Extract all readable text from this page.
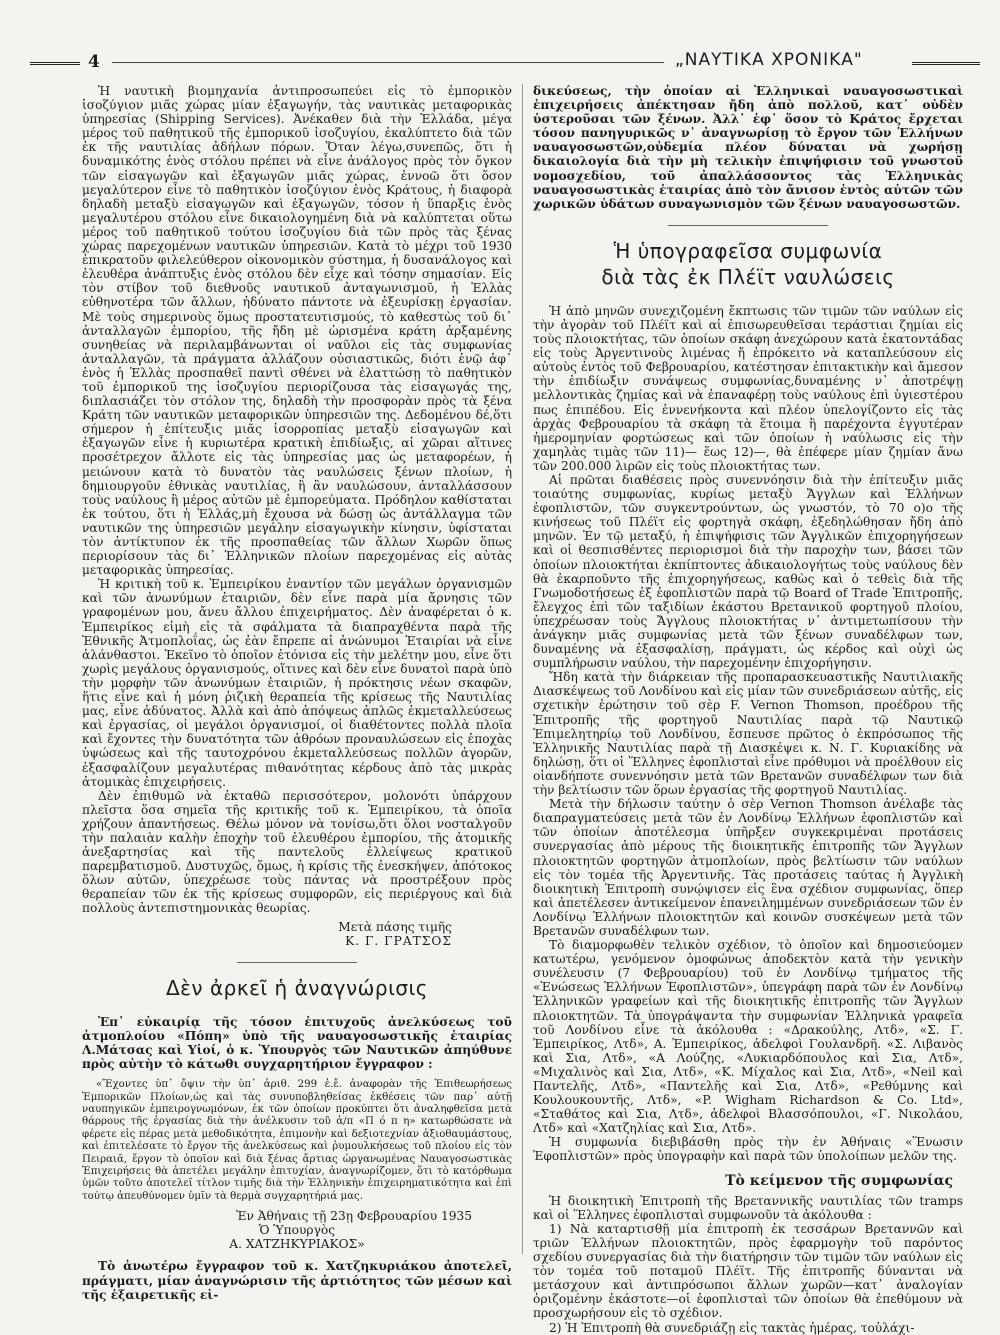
4	„ΝΑΥΤΙΚΑ ΧΡΟΝΙΚΑ"

Ἡ ναυτικὴ βιομηχανία ἀντιπροσωπεύει εἰς τὸ ἐμπορικὸν ἰσοζύγιον μιᾶς χώρας μίαν ἐξαγωγήν, τὰς ναυτικὰς μεταφορικὰς ὑπηρεσίας (Shipping Services). Ἀνέκαθεν διὰ τὴν Ἑλλάδα, μέγα μέρος τοῦ παθητικοῦ τῆς ἐμπορικοῦ ἰσοζυγίου, ἐκαλύπτετο διὰ τῶν ἐκ τῆς ναυτιλίας ἀδήλων πόρων. Ὅταν λέγω,συνεπῶς, ὅτι ἡ δυναμικότης ἑνὸς στόλου πρέπει νὰ εἶνε ἀνάλογος πρὸς τὸν ὄγκον τῶν εἰσαγωγῶν καὶ ἐξαγωγῶν μιᾶς χώρας, ἐννοῶ ὅτι ὅσον μεγαλύτερον εἶνε τὸ παθητικὸν ἰσοζύγιον ἑνὸς Κράτους, ἡ διαφορὰ δηλαδὴ μεταξὺ εἰσαγωγῶν καὶ ἐξαγωγῶν, τόσον ἡ ὕπαρξις ἑνὸς μεγαλυτέρου στόλου εἶνε δικαιολογημένη διὰ νὰ καλύπτεται οὕτω μέρος τοῦ παθητικοῦ τούτου ἰσοζυγίου διὰ τῶν πρὸς τὰς ξένας χώρας παρεχομένων ναυτικῶν ὑπηρεσιῶν. Κατὰ τὸ μέχρι τοῦ 1930 ἐπικρατοῦν φιλελεύθερον οἰκονομικὸν σύστημα, ἡ δυσανάλογος καὶ ἐλευθέρα ἀνάπτυξις ἑνὸς στόλου δὲν εἶχε καὶ τόσην σημασίαν. Εἰς τὸν στίβον τοῦ διεθνοῦς ναυτικοῦ ἀνταγωνισμοῦ, ἡ Ἑλλὰς εὐθηνοτέρα τῶν ἄλλων, ἠδύνατο πάντοτε νὰ ἐξευρίσκῃ ἐργασίαν. Μὲ τοὺς σημερινοὺς ὅμως προστατευτισμούς, τὸ καθεστὼς τοῦ δι᾽ ἀνταλλαγῶν ἐμπορίου, τῆς ἤδη μὲ ὡρισμένα κράτη ἀρξαμένης συνηθείας νὰ περιλαμβάνωνται οἱ ναῦλοι εἰς τὰς συμφωνίας ἀνταλλαγῶν, τὰ πράγματα ἀλλάζουν οὐσιαστικῶς, διότι ἐνῷ ἀφ᾽ ἑνὸς ἡ Ἑλλὰς προσπαθεῖ παντὶ σθένει νὰ ἐλαττώσῃ τὸ παθητικὸν τοῦ ἐμπορικοῦ της ἰσοζυγίου περιορίζουσα τὰς εἰσαγωγάς της, διπλασιάζει τὸν στόλον της, δηλαδὴ τὴν προσφορὰν πρὸς τὰ ξένα Κράτη τῶν ναυτικῶν μεταφορικῶν ὑπηρεσιῶν της. Δεδομένου δέ,ὅτι σήμερον ἡ ἐπίτευξις μιᾶς ἰσορροπίας μεταξὺ εἰσαγωγῶν καὶ ἐξαγωγῶν εἶνε ἡ κυριωτέρα κρατικὴ ἐπιδίωξις, αἱ χῶραι αἵτινες προσέτρεχον ἄλλοτε εἰς τὰς ὑπηρεσίας μας ὡς μεταφορέων, ἡ μειώνουν κατὰ τὸ δυνατὸν τὰς ναυλώσεις ξένων πλοίων, ἡ δημιουργοῦν ἐθνικὰς ναυτιλίας, ἢ ἂν ναυλώσουν, ἀνταλλάσσουν τοὺς ναύλους ἢ μέρος αὐτῶν μὲ ἐμπορεύματα. Πρόδηλον καθίσταται ἐκ τούτου, ὅτι ἡ Ἑλλάς,μὴ ἔχουσα νὰ δώσῃ ὡς ἀντάλλαγμα τῶν ναυτικῶν της ὑπηρεσιῶν μεγάλην εἰσαγωγικὴν κίνησιν, ὑφίσταται τὸν ἀντίκτυπον ἐκ τῆς προσπαθείας τῶν ἄλλων Χωρῶν ὅπως περιορίσουν τὰς δι᾽ Ἑλληνικῶν πλοίων παρεχομένας εἰς αὐτὰς μεταφορικὰς ὑπηρεσίας.

Ἡ κριτικὴ τοῦ κ. Ἐμπειρίκου ἐναντίον τῶν μεγάλων ὀργανισμῶν καὶ τῶν ἀνωνύμων ἑταιριῶν, δὲν εἶνε παρὰ μία ἄρνησις τῶν γραφομένων μου, ἄνευ ἄλλου ἐπιχειρήματος. Δὲν ἀναφέρεται ὁ κ. Ἐμπειρίκος εἰμὴ εἰς τὰ σφάλματα τὰ διαπραχθέντα παρὰ τῆς Ἐθνικῆς Ἀτμοπλοΐας, ὡς ἐὰν ἔπρεπε αἱ ἀνώνυμοι Ἑταιρίαι νὰ εἶνε ἀλάνθαστοι. Ἐκεῖνο τὸ ὁποῖον ἐτόνισα εἰς τὴν μελέτην μου, εἶνε ὅτι χωρὶς μεγάλους ὀργανισμούς, οἵτινες καὶ δὲν εἶνε δυνατοὶ παρὰ ὑπὸ τὴν μορφὴν τῶν ἀνωνύμων ἑταιριῶν, ἡ πρόκτησις νέων σκαφῶν, ἥτις εἶνε καὶ ἡ μόνη ῥιζικὴ θεραπεία τῆς κρίσεως τῆς Ναυτιλίας μας, εἶνε ἀδύνατος. Ἀλλὰ καὶ ἀπὸ ἀπόψεως ἁπλῶς ἐκμεταλλεύσεως καὶ ἐργασίας, οἱ μεγάλοι ὀργανισμοί, οἱ διαθέτοντες πολλὰ πλοῖα καὶ ἔχοντες τὴν δυνατότητα τῶν ἀθρόων προναυλώσεων εἰς ἐποχὰς ὑψώσεως καὶ τῆς ταυτοχρόνου ἐκμεταλλεύσεως πολλῶν ἀγορῶν, ἐξασφαλίζουν μεγαλυτέρας πιθανότητας κέρδους ἀπὸ τὰς μικρὰς ἀτομικὰς ἐπιχειρήσεις.

Δὲν ἐπιθυμῶ νὰ ἐκταθῶ περισσότερον, μολονότι ὑπάρχουν πλεῖστα ὅσα σημεῖα τῆς κριτικῆς τοῦ κ. Ἐμπειρίκου, τὰ ὁποῖα χρήζουν ἀπαντήσεως. Θέλω μόνον νὰ τονίσω,ὅτι ὅλοι νοσταλγοῦν τὴν παλαιὰν καλὴν ἐποχὴν τοῦ ἐλευθέρου ἐμπορίου, τῆς ἀτομικῆς ἀνεξαρτησίας καὶ τῆς παντελοῦς ἐλλείψεως κρατικοῦ παρεμβατισμοῦ. Δυστυχῶς, ὅμως, ἡ κρίσις τῆς ἐνεσκήψεν, ἀπότοκος ὅλων αὐτῶν, ὑπεχρέωσε τοὺς πάντας νὰ προστρέξουν πρὸς θεραπείαν τῶν ἐκ τῆς κρίσεως συμφορῶν, εἰς περιέργους καὶ διὰ πολλοὺς ἀντεπιστημονικὰς θεωρίας.

Μετὰ πάσης τιμῆς
Κ. Γ. ΓΡΑΤΣΟΣ
Δὲν ἀρκεῖ ἡ ἀναγνώρισις

Ἐπ᾽ εὐκαιρίᾳ τῆς τόσον ἐπιτυχοῦς ἀνελκύσεως τοῦ ἀτμοπλοίου «Πόπη» ὑπὸ τῆς ναυαγοσωστικῆς ἑταιρίας Λ.Μάτσας καὶ Υἱοί, ὁ κ. Ὑπουργὸς τῶν Ναυτικῶν ἀπηύθυνε πρὸς αὐτὴν τὸ κάτωθι συγχαρητήριον ἔγγραφον :

«Ἔχοντες ὑπ᾽ ὄψιν τὴν ὑπ᾽ ἀριθ. 299 ἐ.ἔ. ἀναφορὰν τῆς Ἐπιθεωρήσεως Ἐμπορικῶν Πλοίων,ὡς καὶ τὰς συνυποβληθείσας ἐκθέσεις τῶν παρ᾽ αὐτῇ ναυπηγικῶν ἐμπειρογνωμόνων, ἐκ τῶν ὁποίων προκύπτει ὅτι ἀναληφθεῖσα μετὰ θάρρους τῆς ἐργασίας διὰ τὴν ἀνέλκυσιν τοῦ ἀ/π «Π ό π η» κατωρθώσατε νὰ φέρετε εἰς πέρας μετὰ μεθοδικότητα, ἐπιμονὴν καὶ δεξιοτεχνίαν ἀξιοθαυμάστους, καὶ ἐπιτελέσατε τὸ ἔργον τῆς ἀνελκύσεως καὶ ῥυμουλκήσεως τοῦ πλοίου εἰς τὸν Πειραιᾶ, ἔργον τὸ ὁποῖον καὶ διὰ ξένας ἄρτιας ὡργανωμένας Ναυαγοσωστικὰς Ἐπιχειρήσεις θὰ ἀπετέλει μεγάλην ἐπιτυχίαν, ἀναγνωρίζομεν, ὅτι τὸ κατόρθωμα ὑμῶν τοῦτο ἀποτελεῖ τίτλον τιμῆς διὰ τὴν Ἑλληνικὴν ἐπιχειρηματικότητα καὶ ἐπὶ τούτῳ ἀπευθύνομεν ὑμῖν τὰ θερμὰ συγχαρητήριά μας.

Ἐν Ἀθήναις τῇ 23ῃ Φεβρουαρίου 1935
Ὁ Ὑπουργὸς
Α. ΧΑΤΖΗΚΥΡΙΑΚΟΣ»

Τὸ ἀνωτέρω ἔγγραφον τοῦ κ. Χατζηκυριάκου ἀποτελεῖ, πράγματι, μίαν ἀναγνώρισιν τῆς ἀρτιότητος τῶν μέσων καὶ τῆς ἐξαιρετικῆς εἰ-

δικεύσεως, τὴν ὁποίαν αἱ Ἑλληνικαὶ ναυαγοσωστικαὶ ἐπιχειρήσεις ἀπέκτησαν ἤδη ἀπὸ πολλοῦ, κατ᾽ οὐδὲν ὑστεροῦσαι τῶν ξένων. Ἀλλ᾽ ἐφ᾽ ὅσον τὸ Κράτος ἔρχεται τόσον πανηγυρικῶς ν᾽ ἀναγνωρίσῃ τὸ ἔργον τῶν Ἑλλήνων ναυαγοσωστῶν,οὐδεμία πλέον δύναται νὰ χωρήσῃ δικαιολογία διὰ τὴν μὴ τελικὴν ἐπιψήφισιν τοῦ γνωστοῦ νομοσχεδίου, τοῦ ἀπαλλάσσοντος τὰς Ἑλληνικὰς ναυαγοσωστικὰς ἑταιρίας ἀπὸ τὸν ἄνισον ἐντὸς αὐτῶν τῶν χωρικῶν ὑδάτων συναγωνισμὸν τῶν ξένων ναυαγοσωστῶν.

Ἡ ὑπογραφεῖσα συμφωνία
διὰ τὰς ἐκ Πλέϊτ ναυλώσεις

Ἡ ἀπὸ μηνῶν συνεχιζομένη ἔκπτωσις τῶν τιμῶν τῶν ναύλων εἰς τὴν ἀγορὰν τοῦ Πλέϊτ καὶ αἱ ἐπισωρευθεῖσαι τεράστιαι ζημίαι εἰς τοὺς πλοιοκτήτας, τῶν ὁποίων σκάφη ἀνεχώρουν κατὰ ἑκατοντάδας εἰς τοὺς Ἀργεντινοὺς λιμένας ἤ ἐπρόκειτο νὰ καταπλεύσουν εἰς αὐτοὺς ἐντὸς τοῦ Φεβρουαρίου, κατέστησαν ἐπιτακτικὴν καὶ ἄμεσον τὴν ἐπιδίωξιν συνάψεως συμφωνίας,δυναμένης ν᾽ ἀποτρέψῃ μελλοντικὰς ζημίας καὶ νὰ ἐπαναφέρῃ τοὺς ναύλους ἐπὶ ὑγιεστέρου πως ἐπιπέδου. Εἰς ἐννενήκοντα καὶ πλέον ὑπελογίζοντο εἰς τὰς ἀρχὰς Φεβρουαρίου τὰ σκάφη τὰ ἕτοιμα ἢ παρέχοντα ἐγγυτέραν ἡμερομηνίαν φορτώσεως καὶ τῶν ὁποίων ἡ ναύλωσις εἰς τὴν χαμηλὰς τιμὰς τῶν 11)— ἕως 12)—, θὰ ἐπέφερε μίαν ζημίαν ἄνω τῶν 200.000 λιρῶν εἰς τοὺς πλοιοκτήτας των.

Αἱ πρῶται διαθέσεις πρὸς συνεννόησιν διὰ τὴν ἐπίτευξιν μιᾶς τοιαύτης συμφωνίας, κυρίως μεταξὺ Ἄγγλων καὶ Ἑλλήνων ἐφοπλιστῶν, τῶν συγκεντρούντων, ὡς γνωστόν, τὸ 70 ο)ο τῆς κινήσεως τοῦ Πλέϊτ εἰς φορτηγὰ σκάφη, ἐξεδηλώθησαν ἤδη ἀπὸ μηνῶν. Ἐν τῷ μεταξύ, ἡ ἐπιψήφισις τῶν Ἀγγλικῶν ἐπιχορηγήσεων καὶ οἱ θεσπισθέντες περιορισμοὶ διὰ τὴν παροχὴν των, βάσει τῶν ὁποίων πλοιοκτήται ἐκπίπτοντες ἀδικαιολογήτως τοὺς ναύλους δὲν θὰ ἐκαρποῦντο τῆς ἐπιχορηγήσεως, καθὼς καὶ ὁ τεθεὶς διὰ τῆς Γνωμοδοτήσεως ἐξ ἐφοπλιστῶν παρὰ τῷ Board of Trade Ἐπιτροπῆς, ἔλεγχος ἐπὶ τῶν ταξιδίων ἑκάστου Βρετανικοῦ φορτηγοῦ πλοίου, ὑπεχρέωσαν τοὺς Ἄγγλους πλοιοκτήτας ν᾽ ἀντιμετωπίσουν τὴν ἀνάγκην μιᾶς συμφωνίας μετὰ τῶν ξένων συναδέλφων των, δυναμένης νὰ ἐξασφαλίσῃ, πράγματι, ὡς κέρδος καὶ οὐχὶ ὡς συμπλήρωσιν ναύλου, τὴν παρεχομένην ἐπιχορήγησιν.

Ἤδη κατὰ τὴν διάρκειαν τῆς προπαρασκευαστικῆς Ναυτιλιακῆς Διασκέψεως τοῦ Λονδίνου καὶ εἰς μίαν τῶν συνεδριάσεων αὐτῆς, εἰς σχετικὴν ἐρώτησιν τοῦ σὲρ F. Vernon Thomson, προέδρου τῆς Ἐπιτροπῆς τῆς φορτηγοῦ Ναυτιλίας παρὰ τῷ Ναυτικῷ Ἐπιμελητηρίῳ τοῦ Λονδίνου, ἔσπευσε πρῶτος ὁ ἐκπρόσωπος τῆς Ἑλληνικῆς Ναυτιλίας παρὰ τῇ Διασκέψει κ. Ν. Γ. Κυριακίδης νὰ δηλώσῃ, ὅτι οἱ Ἕλληνες ἐφοπλισταὶ εἶνε πρόθυμοι νὰ προέλθουν εἰς οἱανδήποτε συνεννόησιν μετὰ τῶν Βρετανῶν συναδέλφων των διὰ τὴν βελτίωσιν τῶν ὅρων ἐργασίας τῆς φορτηγοῦ Ναυτιλίας.

Μετὰ τὴν δήλωσιν ταύτην ὁ σὲρ Vernon Thomson ἀνέλαβε τὰς διαπραγματεύσεις μετὰ τῶν ἐν Λονδίνῳ Ἑλλήνων ἐφοπλιστῶν καὶ τῶν ὁποίων ἀποτέλεσμα ὑπῆρξεν συγκεκριμέναι προτάσεις συνεργασίας ἀπὸ μέρους τῆς διοικητικῆς ἐπιτροπῆς τῶν Ἄγγλων πλοιοκτητῶν φορτηγῶν ἀτμοπλοίων, πρὸς βελτίωσιν τῶν ναύλων εἰς τὸν τομέα τῆς Ἀργεντινῆς. Τὰς προτάσεις ταύτας ἡ Ἀγγλικὴ διοικητικὴ Ἐπιτροπὴ συνῴψισεν εἰς ἓνα σχέδιον συμφωνίας, ὅπερ καὶ ἀπετέλεσεν ἀντικείμενον ἐπανειλημμένων συνεδριάσεων τῶν ἐν Λονδίνῳ Ἑλλήνων πλοιοκτητῶν καὶ κοινῶν συσκέψεων μετὰ τῶν Βρετανῶν συναδέλφων των.

Τὸ διαμορφωθὲν τελικὸν σχέδιον, τὸ ὁποῖον καὶ δημοσιεύομεν κατωτέρω, γενόμενον ὁμοφώνως ἀποδεκτὸν κατὰ τὴν γενικὴν συνέλευσιν (7 Φεβρουαρίου) τοῦ ἐν Λονδίνῳ τμήματος τῆς «Ἑνώσεως Ἑλλήνων Ἐφοπλιστῶν», ὑπεγράφη παρὰ τῶν ἐν Λονδίνῳ Ἑλληνικῶν γραφείων καὶ τῆς διοικητικῆς ἐπιτροπῆς τῶν Ἄγγλων πλοιοκτητῶν. Τὰ ὑπογράψαντα τὴν συμφωνίαν Ἑλληνικὰ γραφεῖα τοῦ Λονδίνου εἶνε τὰ ἀκόλουθα : «Δρακούλης, Λτδ», «Σ. Γ. Ἐμπειρίκος, Λτδ», Α. Ἐμπειρίκος, ἀδελφοὶ Γουλανδρῆ. «Σ. Λιβανὸς καὶ Σια, Λτδ», «Α Λούζης, «Λυκιαρδόπουλος καὶ Σια, Λτδ», «Μιχαλινὸς καὶ Σια, Λτδ», «Κ. Μίχαλος καὶ Σια, Λτδ», «Neil καὶ Παντελῆς, Λτδ», «Παντελῆς καὶ Σια, Λτδ», «Ρεθύμνης καὶ Κουλουκουντῆς, Λτδ», «P. Wigham Richardson & Co. Ltd», «Σταθάτος καὶ Σια, Λτδ», ἀδελφοὶ Βλασσόπουλοι, «Γ. Νικολάου, Λτδ» καὶ «Χατζηλίας καὶ Σια, Λτδ».

Ἡ συμφωνία διεβιβάσθη πρὸς τὴν ἐν Ἀθήναις «Ἕνωσιν Ἐφοπλιστῶν» πρὸς ὑπογραφὴν καὶ παρὰ τῶν ὑπολοίπων μελῶν της.

Τὸ κείμενον τῆς συμφωνίας

Ἡ διοικητικὴ Ἐπιτροπὴ τῆς Βρεταννικῆς ναυτιλίας τῶν tramps καὶ οἱ Ἕλληνες ἐφοπλισταὶ συμφωνοῦν τὰ ἀκόλουθα :

1) Νὰ καταρτισθῇ μία ἐπιτροπὴ ἐκ τεσσάρων Βρεταννῶν καὶ τριῶν Ἑλλήνων πλοιοκτητῶν, πρὸς ἐφαρμογὴν τοῦ παρόντος σχεδίου συνεργασίας διὰ τὴν διατήρησιν τῶν τιμῶν τῶν ναύλων εἰς τὸν τομέα τοῦ ποταμοῦ Πλέϊτ. Τῆς ἐπιτροπῆς δύνανται νὰ μετάσχουν καὶ ἀντιπρόσωποι ἄλλων χωρῶν—κατ᾽ ἀναλογίαν ὁριζομένην ἑκάστοτε—οἱ ἐφοπλισταὶ τῶν ὁποίων θὰ ἐπεθύμουν νὰ προσχωρήσουν εἰς τὸ σχέδιον.

2) Ἡ Ἐπιτροπὴ θὰ συνεδριάζῃ εἰς τακτὰς ἡμέρας, τοὐλάχι-
